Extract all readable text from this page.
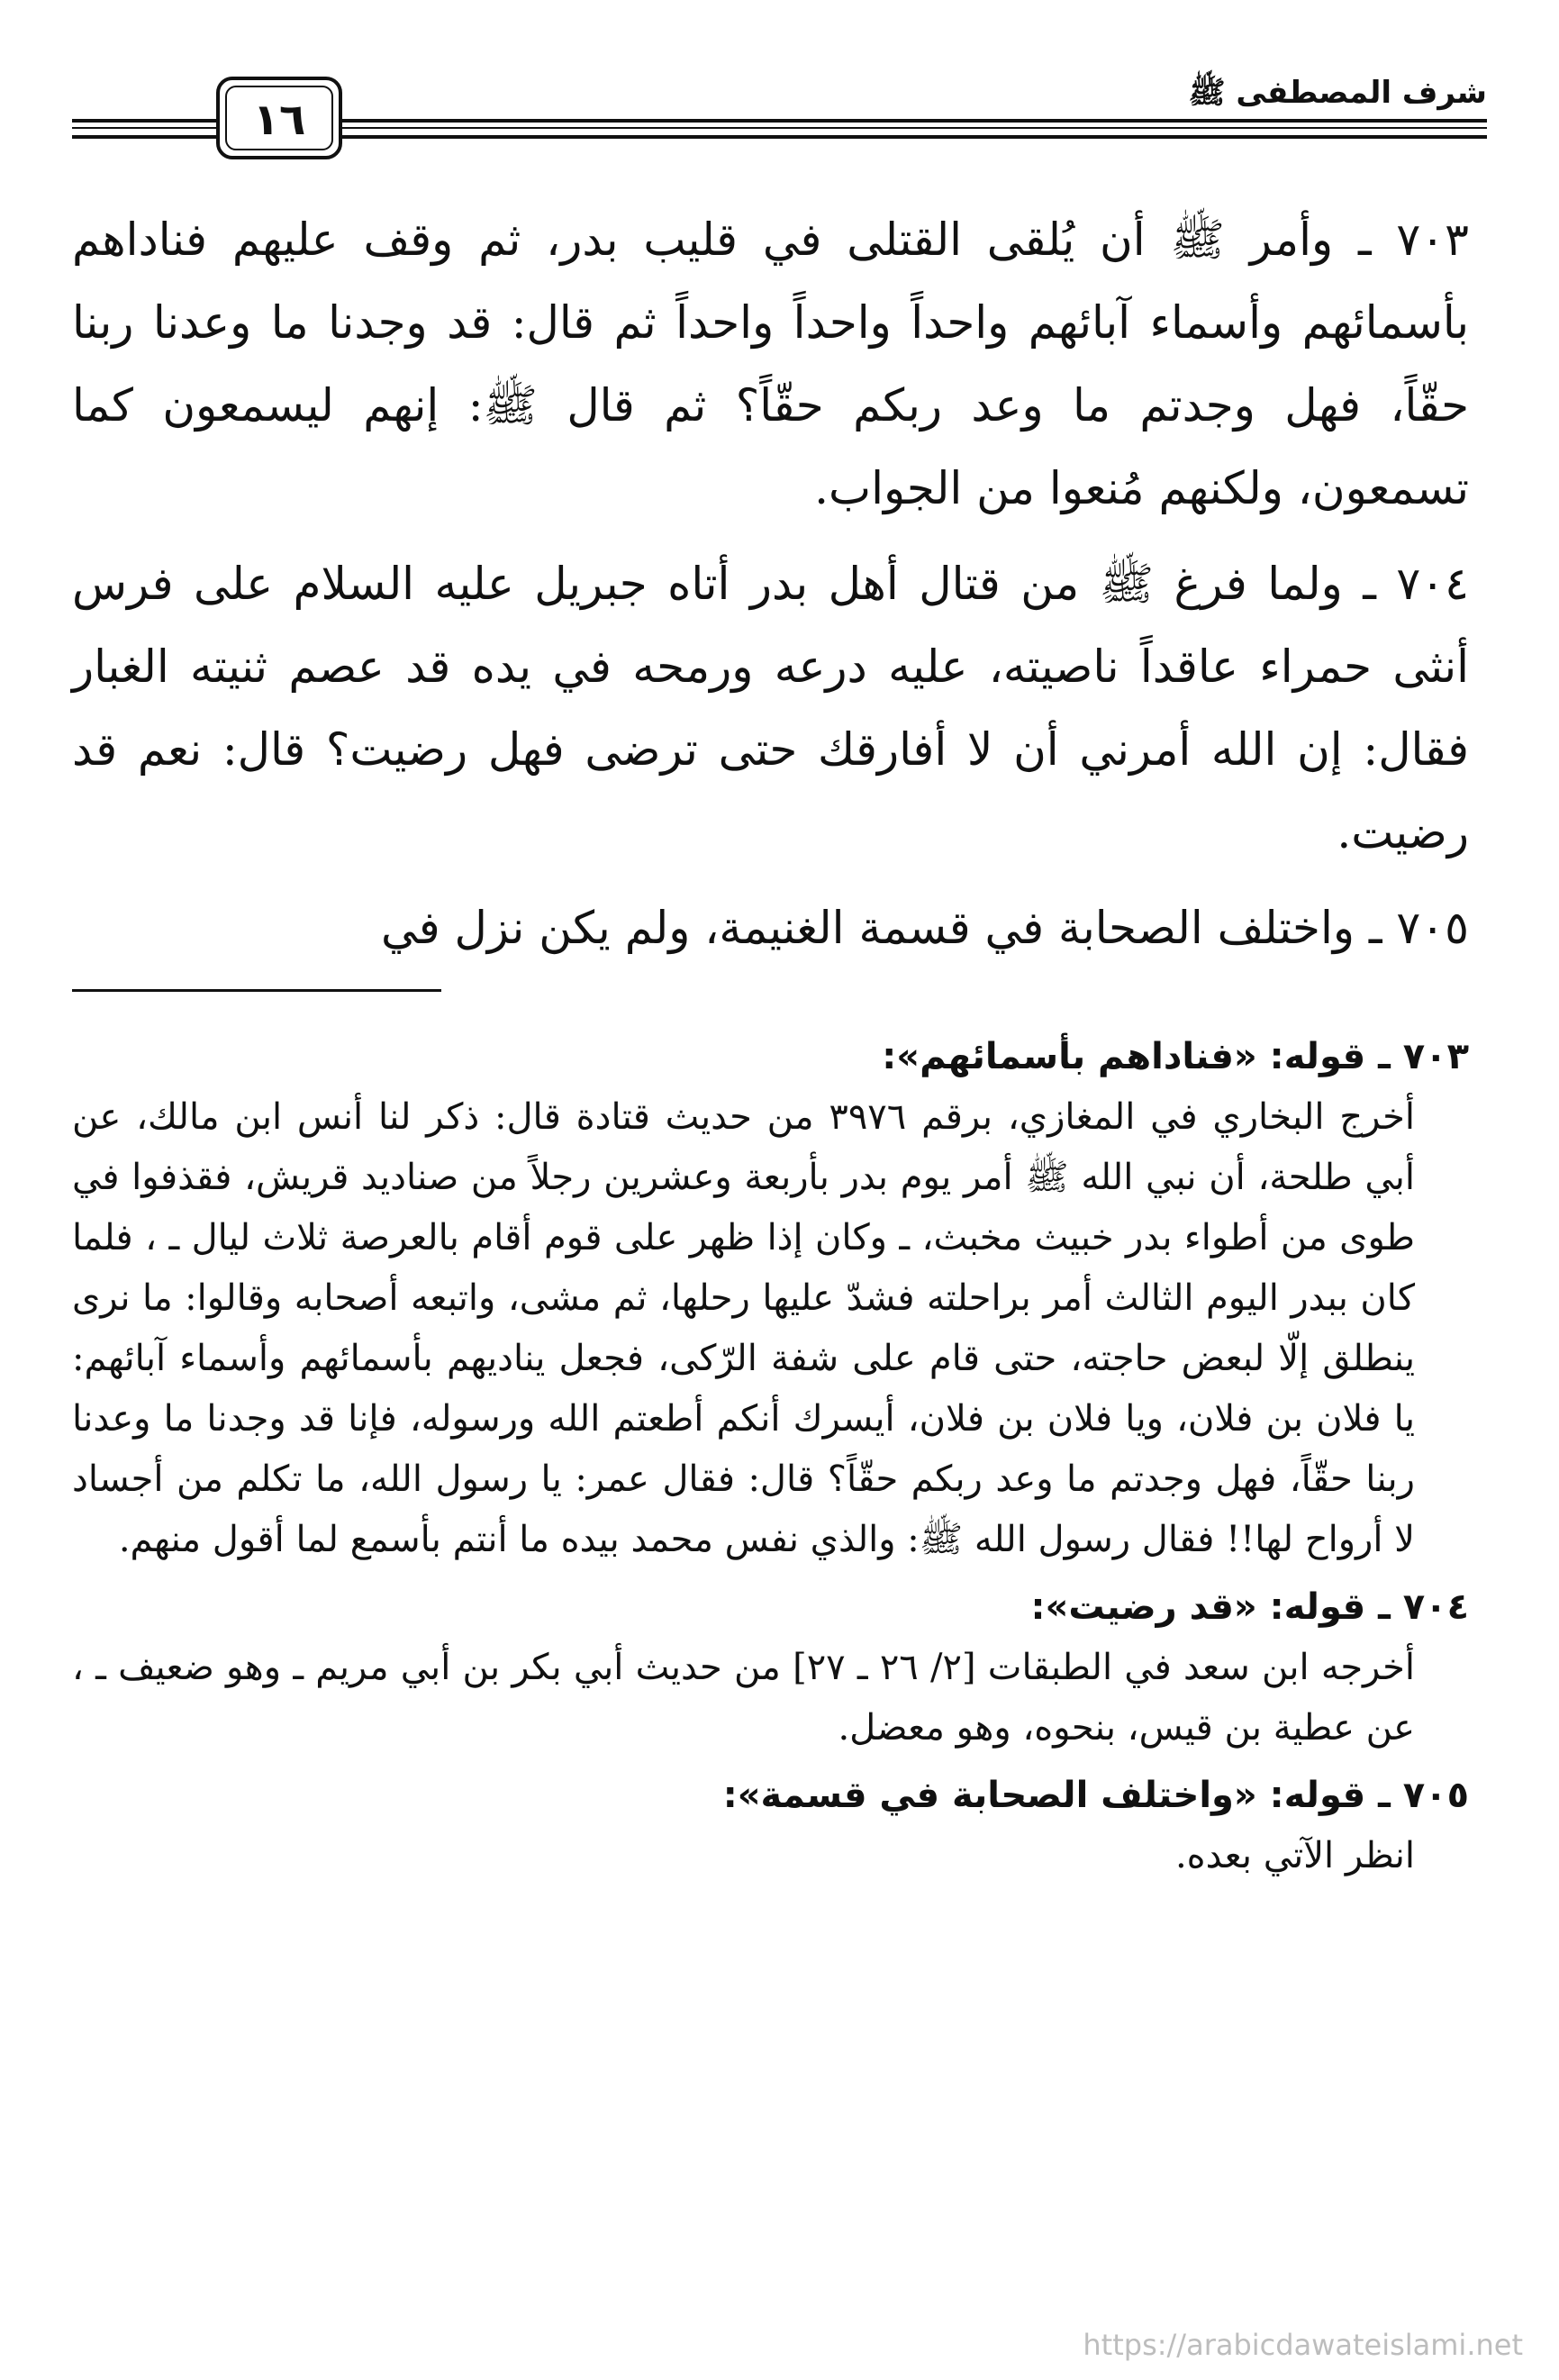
شرف المصطفى ﷺ
١٦

٧٠٣ ـ وأمر ﷺ أن يُلقى القتلى في قليب بدر، ثم وقف عليهم فناداهم بأسمائهم وأسماء آبائهم واحداً واحداً واحداً ثم قال: قد وجدنا ما وعدنا ربنا حقّاً، فهل وجدتم ما وعد ربكم حقّاً؟ ثم قال ﷺ: إنهم ليسمعون كما تسمعون، ولكنهم مُنعوا من الجواب.

٧٠٤ ـ ولما فرغ ﷺ من قتال أهل بدر أتاه جبريل عليه السلام على فرس أنثى حمراء عاقداً ناصيته، عليه درعه ورمحه في يده قد عصم ثنيته الغبار فقال: إن الله أمرني أن لا أفارقك حتى ترضى فهل رضيت؟ قال: نعم قد رضيت.

٧٠٥ ـ واختلف الصحابة في قسمة الغنيمة، ولم يكن نزل في

٧٠٣ ـ قوله: «فناداهم بأسمائهم»:

أخرج البخاري في المغازي، برقم ٣٩٧٦ من حديث قتادة قال: ذكر لنا أنس ابن مالك، عن أبي طلحة، أن نبي الله ﷺ أمر يوم بدر بأربعة وعشرين رجلاً من صناديد قريش، فقذفوا في طوى من أطواء بدر خبيث مخبث، ـ وكان إذا ظهر على قوم أقام بالعرصة ثلاث ليال ـ ، فلما كان ببدر اليوم الثالث أمر براحلته فشدّ عليها رحلها، ثم مشى، واتبعه أصحابه وقالوا: ما نرى ينطلق إلّا لبعض حاجته، حتى قام على شفة الرّكى، فجعل يناديهم بأسمائهم وأسماء آبائهم: يا فلان بن فلان، ويا فلان بن فلان، أيسرك أنكم أطعتم الله ورسوله، فإنا قد وجدنا ما وعدنا ربنا حقّاً، فهل وجدتم ما وعد ربكم حقّاً؟ قال: فقال عمر: يا رسول الله، ما تكلم من أجساد لا أرواح لها!! فقال رسول الله ﷺ: والذي نفس محمد بيده ما أنتم بأسمع لما أقول منهم.

٧٠٤ ـ قوله: «قد رضيت»:

أخرجه ابن سعد في الطبقات [٢/ ٢٦ ـ ٢٧] من حديث أبي بكر بن أبي مريم ـ وهو ضعيف ـ ، عن عطية بن قيس، بنحوه، وهو معضل.

٧٠٥ ـ قوله: «واختلف الصحابة في قسمة»:

انظر الآتي بعده.

https://arabicdawateislami.net
